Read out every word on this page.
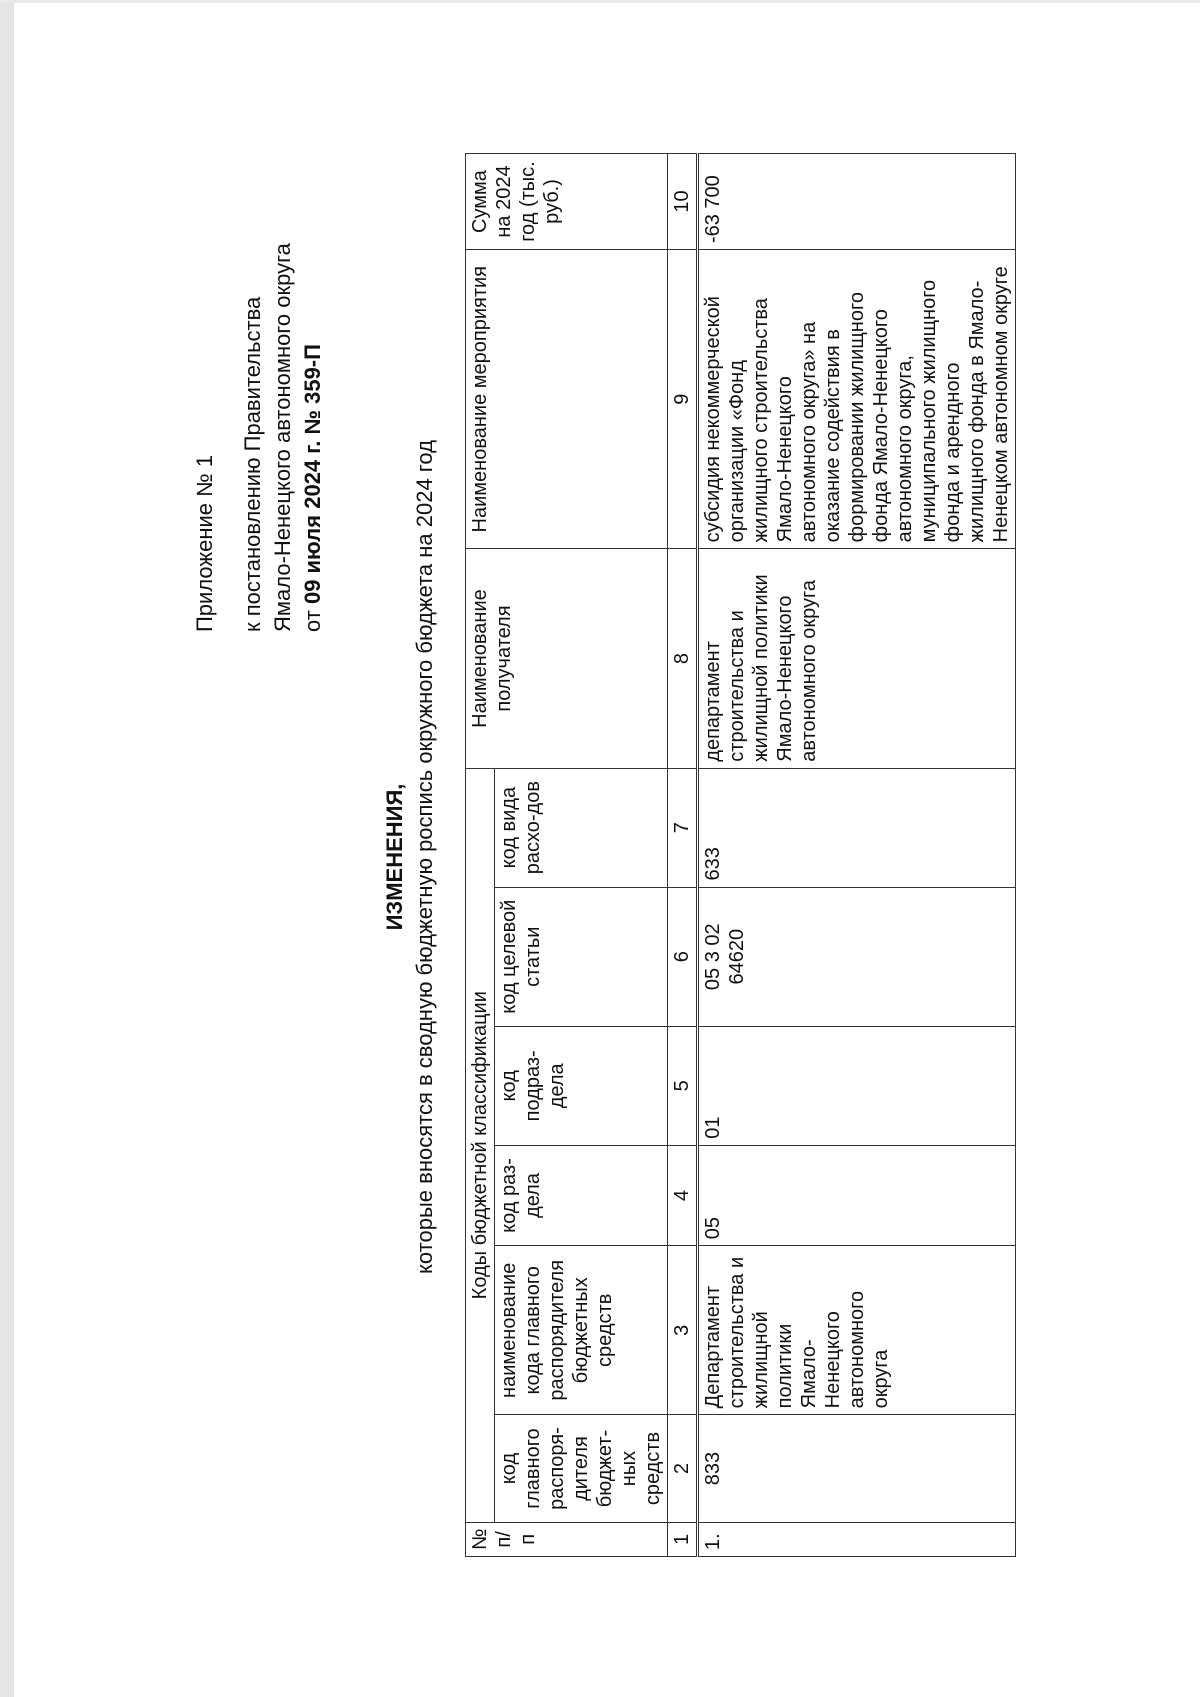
Приложение № 1 к постановлению Правительства Ямало-Ненецкого автономного округа от 09 июля 2024 г. № 359-П
ИЗМЕНЕНИЯ, которые вносятся в сводную бюджетную роспись окружного бюджета на 2024 год
№ п/п	Коды бюджетной классификации						Наименование получателя	Наименование мероприятия	Сумма на 2024 год (тыс. руб.)
	код главного распоря-дителя бюджет-ных средств	наименование кода главного распорядителя бюджетных средств	код раз-дела	код подраз-дела	код целевой статьи	код вида расхо-дов			
1	2	3	4	5	6	7	8	9	10
1.	833	Департамент строительства и жилищной политики Ямало-Ненецкого автономного округа	05	01	05 3 02 64620	633	департамент строительства и жилищной политики Ямало-Ненецкого автономного округа	субсидия некоммерческой организации «Фонд жилищного строительства Ямало-Ненецкого автономного округа» на оказание содействия в формировании жилищного фонда Ямало-Ненецкого автономного округа, муниципального жилищного фонда и арендного жилищного фонда в Ямало-Ненецком автономном округе	-63 700
